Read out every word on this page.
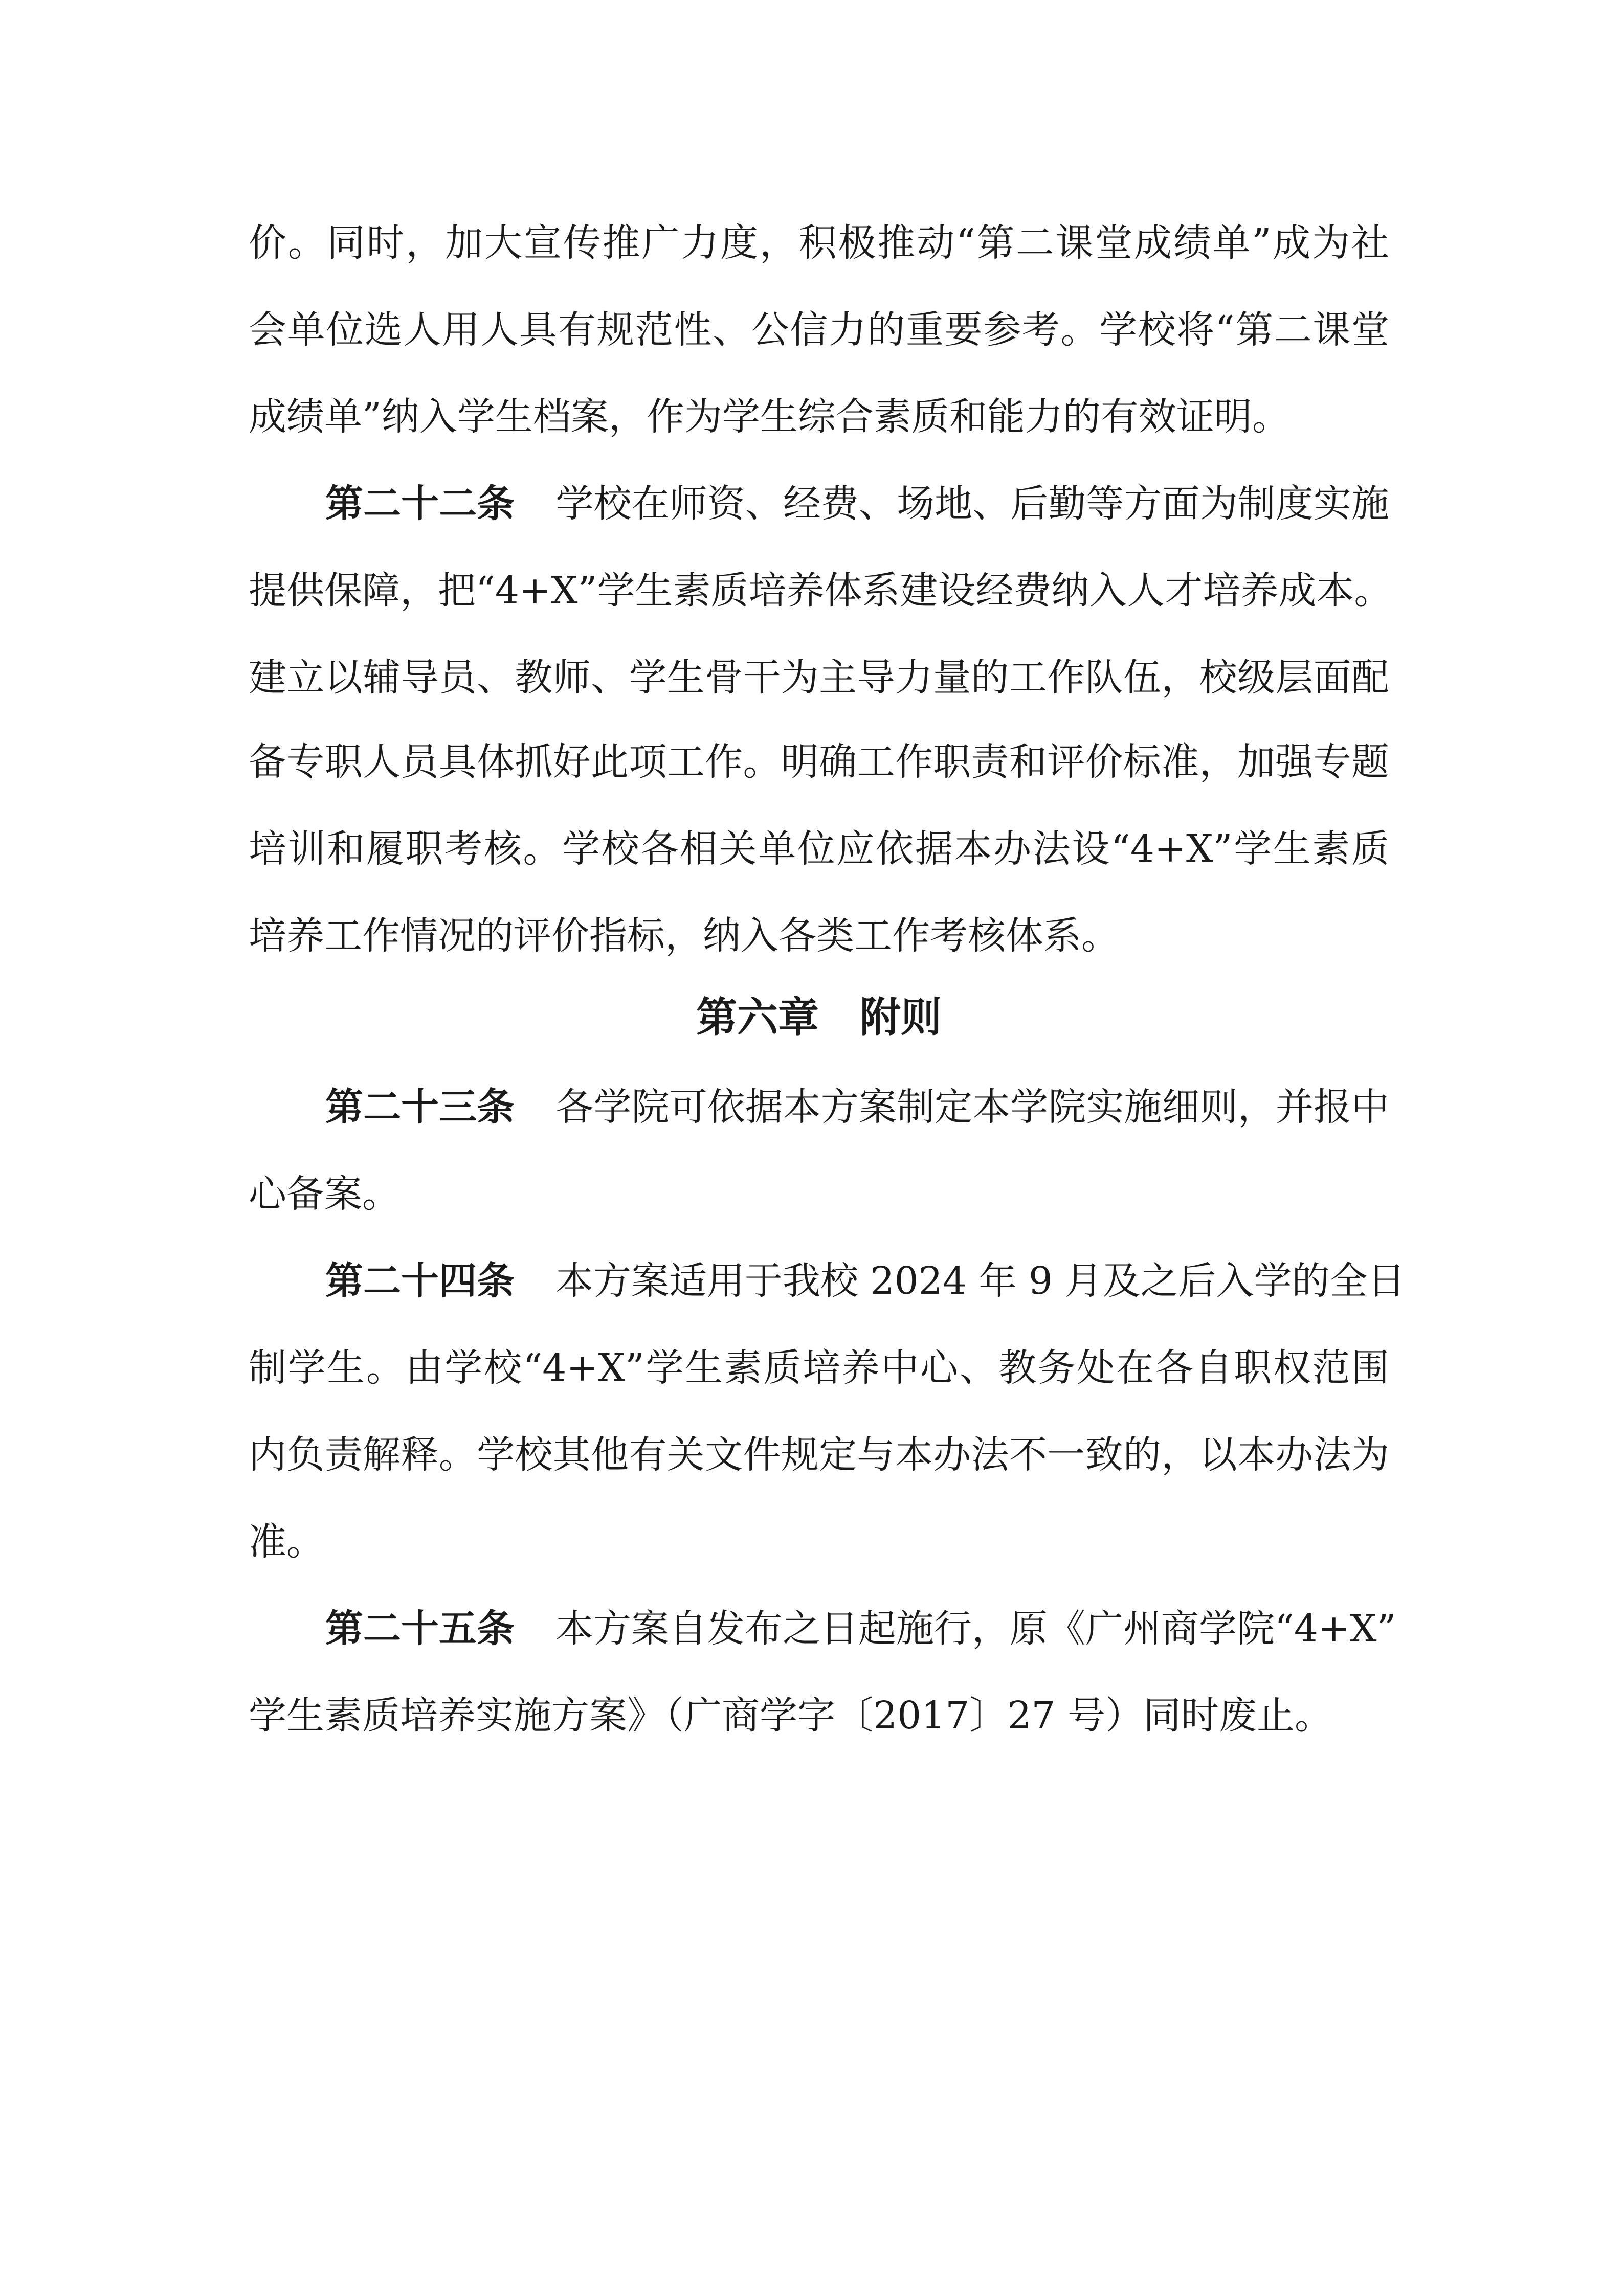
价。同时，加大宣传推广力度，积极推动“第二课堂成绩单”成为社
会单位选人用人具有规范性、公信力的重要参考。学校将“第二课堂
成绩单”纳入学生档案，作为学生综合素质和能力的有效证明。
第二十二条 学校在师资、经费、场地、后勤等方面为制度实施
提供保障，把“4+X”学生素质培养体系建设经费纳入人才培养成本。
建立以辅导员、教师、学生骨干为主导力量的工作队伍，校级层面配
备专职人员具体抓好此项工作。明确工作职责和评价标准，加强专题
培训和履职考核。学校各相关单位应依据本办法设“4+X”学生素质
培养工作情况的评价指标，纳入各类工作考核体系。
第六章　附则
第二十三条 各学院可依据本方案制定本学院实施细则，并报中
心备案。
第二十四条 本方案适用于我校 2024 年 9 月及之后入学的全日
制学生。由学校“4+X”学生素质培养中心、教务处在各自职权范围
内负责解释。学校其他有关文件规定与本办法不一致的，以本办法为
准。
第二十五条 本方案自发布之日起施行，原《广州商学院“4+X”
学生素质培养实施方案》（广商学字〔2017〕27 号）同时废止。
